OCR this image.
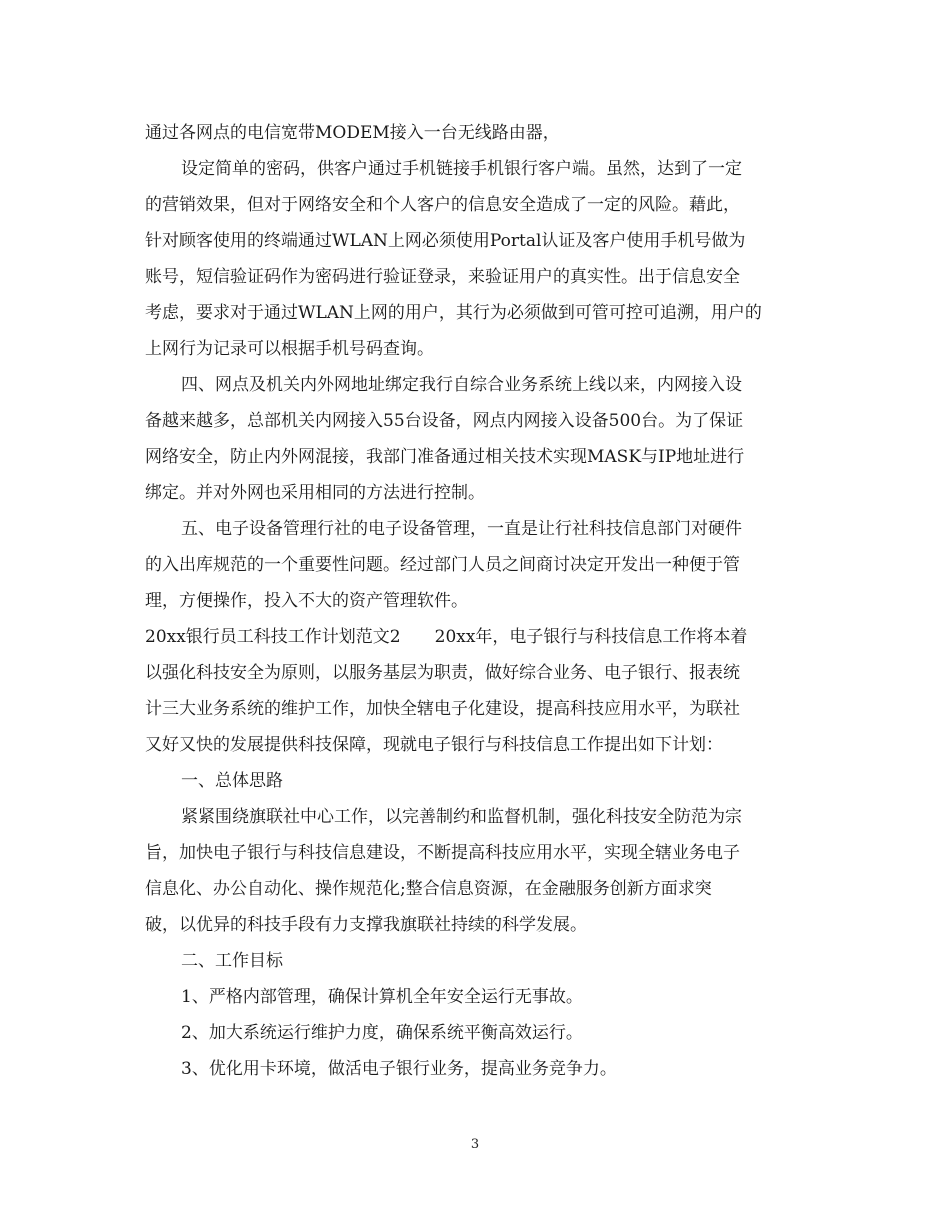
通过各网点的电信宽带MODEM接入一台无线路由器，
设定简单的密码，供客户通过手机链接手机银行客户端。虽然，达到了一定
的营销效果，但对于网络安全和个人客户的信息安全造成了一定的风险。藉此，
针对顾客使用的终端通过WLAN上网必须使用Portal认证及客户使用手机号做为
账号，短信验证码作为密码进行验证登录，来验证用户的真实性。出于信息安全
考虑，要求对于通过WLAN上网的用户，其行为必须做到可管可控可追溯，用户的
上网行为记录可以根据手机号码查询。
四、网点及机关内外网地址绑定我行自综合业务系统上线以来，内网接入设
备越来越多，总部机关内网接入55台设备，网点内网接入设备500台。为了保证
网络安全，防止内外网混接，我部门准备通过相关技术实现MASK与IP地址进行
绑定。并对外网也采用相同的方法进行控制。
五、电子设备管理行社的电子设备管理，一直是让行社科技信息部门对硬件
的入出库规范的一个重要性问题。经过部门人员之间商讨决定开发出一种便于管
理，方便操作，投入不大的资产管理软件。
20xx银行员工科技工作计划范文2　　20xx年，电子银行与科技信息工作将本着
以强化科技安全为原则，以服务基层为职责，做好综合业务、电子银行、报表统
计三大业务系统的维护工作，加快全辖电子化建设，提高科技应用水平，为联社
又好又快的发展提供科技保障，现就电子银行与科技信息工作提出如下计划：
一、总体思路
紧紧围绕旗联社中心工作，以完善制约和监督机制，强化科技安全防范为宗
旨，加快电子银行与科技信息建设，不断提高科技应用水平，实现全辖业务电子
信息化、办公自动化、操作规范化;整合信息资源，在金融服务创新方面求突
破，以优异的科技手段有力支撑我旗联社持续的科学发展。
二、工作目标
1、严格内部管理，确保计算机全年安全运行无事故。
2、加大系统运行维护力度，确保系统平衡高效运行。
3、优化用卡环境，做活电子银行业务，提高业务竞争力。
3
